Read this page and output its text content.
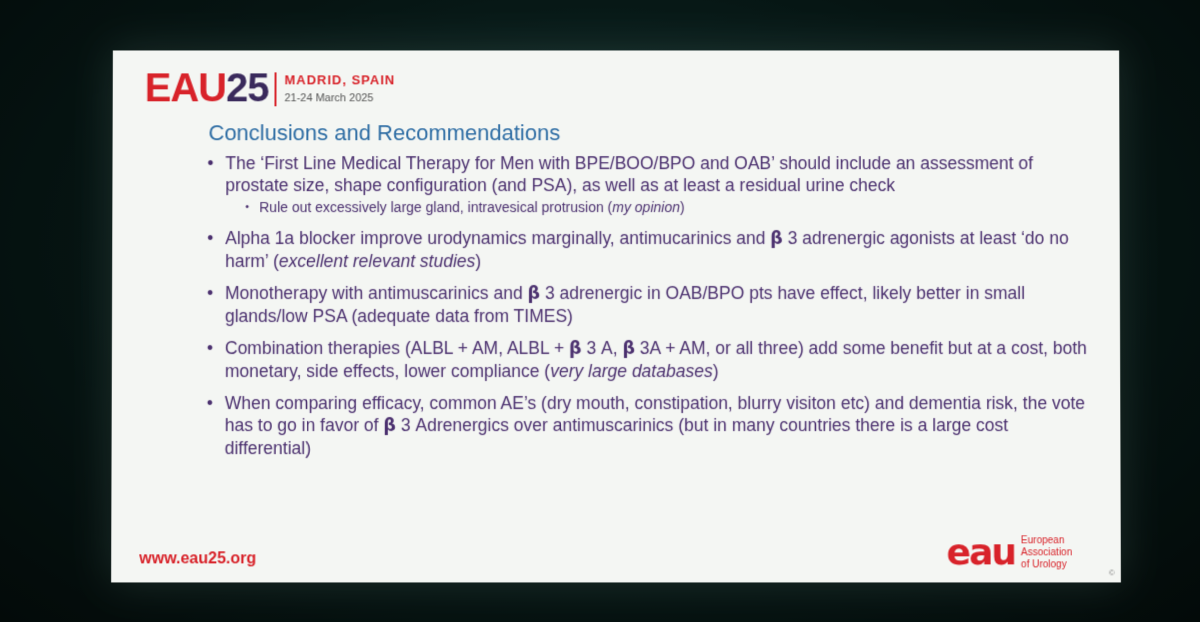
EAU 25 MADRID, SPAIN
21-24 March 2025
Conclusions and Recommendations
• The ‘First Line Medical Therapy for Men with BPE/BOO/BPO and OAB’ should include an assessment of prostate size, shape configuration (and PSA), as well as at least a residual urine check
• Rule out excessively large gland, intravesical protrusion (my opinion)
• Alpha 1a blocker improve urodynamics marginally, antimucarinics and β 3 adrenergic agonists at least ‘do no harm’ (excellent relevant studies)
• Monotherapy with antimuscarinics and β 3 adrenergic in OAB/BPO pts have effect, likely better in small glands/low PSA (adequate data from TIMES)
• Combination therapies (ALBL + AM, ALBL + β 3 A, β 3A + AM, or all three) add some benefit but at a cost, both monetary, side effects, lower compliance (very large databases)
• When comparing efficacy, common AE’s (dry mouth, constipation, blurry visiton etc) and dementia risk, the vote has to go in favor of β 3 Adrenergics over antimuscarinics (but in many countries there is a large cost differential)
www.eau25.org	eau European
Association
of Urology
©
